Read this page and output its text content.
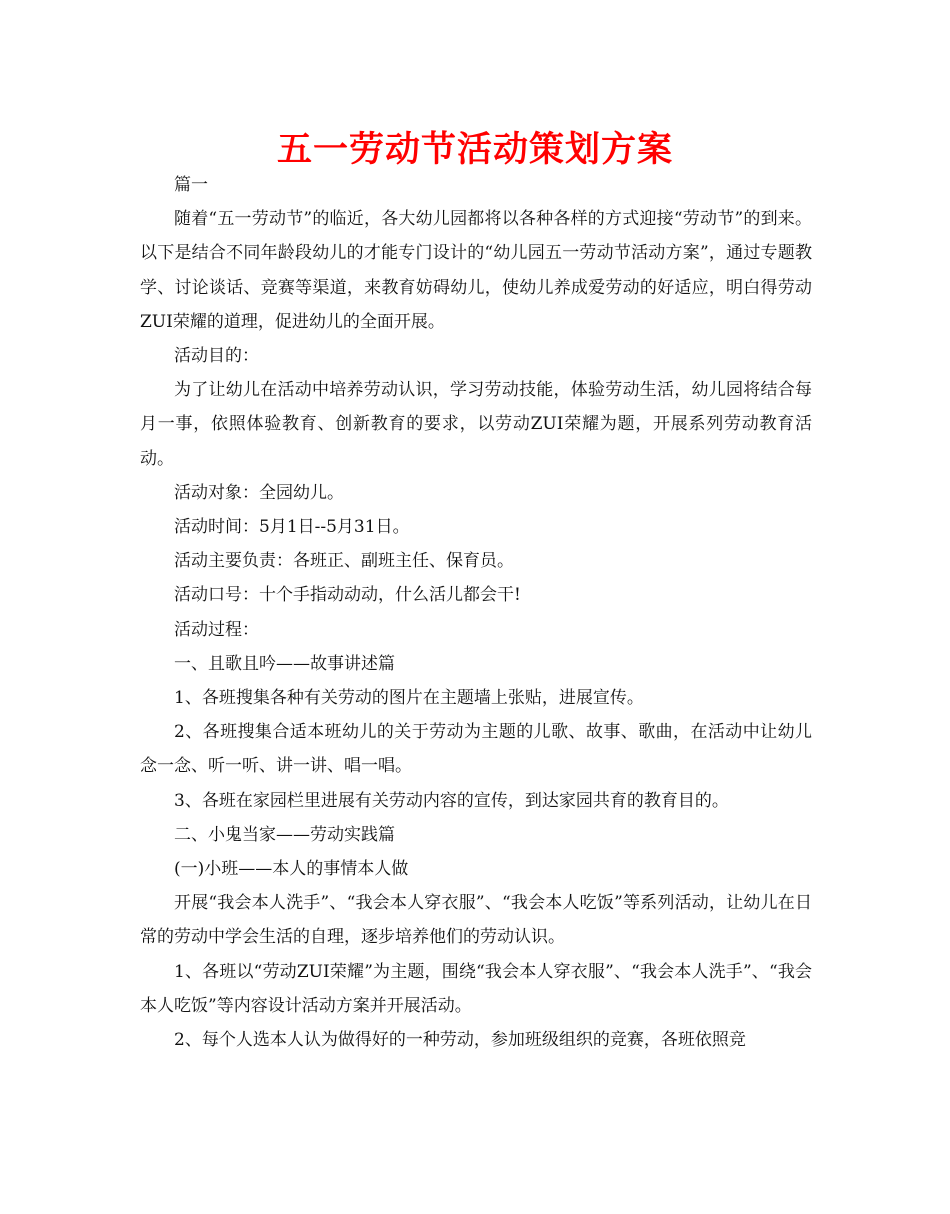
五一劳动节活动策划方案

篇一

随着“五一劳动节”的临近，各大幼儿园都将以各种各样的方式迎接“劳动节”的到来。以下是结合不同年龄段幼儿的才能专门设计的“幼儿园五一劳动节活动方案”，通过专题教学、讨论谈话、竞赛等渠道，来教育妨碍幼儿，使幼儿养成爱劳动的好适应，明白得劳动ZUI荣耀的道理，促进幼儿的全面开展。

活动目的：

为了让幼儿在活动中培养劳动认识，学习劳动技能，体验劳动生活，幼儿园将结合每月一事，依照体验教育、创新教育的要求，以劳动ZUI荣耀为题，开展系列劳动教育活动。

活动对象：全园幼儿。

活动时间：5月1日--5月31日。

活动主要负责：各班正、副班主任、保育员。

活动口号：十个手指动动动，什么活儿都会干!

活动过程：

一、且歌且吟——故事讲述篇

1、各班搜集各种有关劳动的图片在主题墙上张贴，进展宣传。

2、各班搜集合适本班幼儿的关于劳动为主题的儿歌、故事、歌曲，在活动中让幼儿念一念、听一听、讲一讲、唱一唱。

3、各班在家园栏里进展有关劳动内容的宣传，到达家园共育的教育目的。

二、小鬼当家——劳动实践篇

(一)小班——本人的事情本人做

开展“我会本人洗手”、“我会本人穿衣服”、“我会本人吃饭”等系列活动，让幼儿在日常的劳动中学会生活的自理，逐步培养他们的劳动认识。

1、各班以“劳动ZUI荣耀”为主题，围绕“我会本人穿衣服”、“我会本人洗手”、“我会本人吃饭”等内容设计活动方案并开展活动。

2、每个人选本人认为做得好的一种劳动，参加班级组织的竞赛，各班依照竞
